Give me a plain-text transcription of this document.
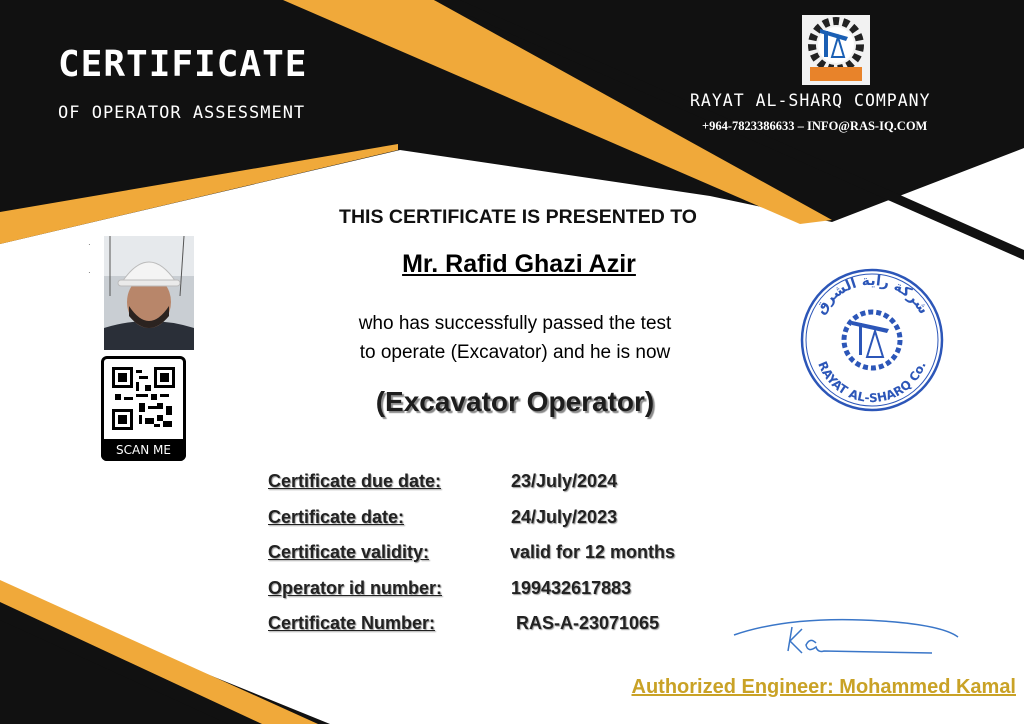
CERTIFICATE
OF OPERATOR ASSESSMENT
RAYAT AL-SHARQ COMPANY
+964-7823386633 – INFO@RAS-IQ.COM
·
·
SCAN ME
THIS CERTIFICATE IS PRESENTED TO
Mr. Rafid Ghazi Azir
who has successfully passed the test
to operate (Excavator) and he is now
(Excavator Operator)
Certificate due date:	23/July/2024
Certificate date:	24/July/2023
Certificate validity:	valid for 12 months
Operator id number:	199432617883
Certificate Number:	RAS-A-23071065
شركة راية الشرق
RAYAT AL-SHARQ Co.
Authorized Engineer: Mohammed Kamal
